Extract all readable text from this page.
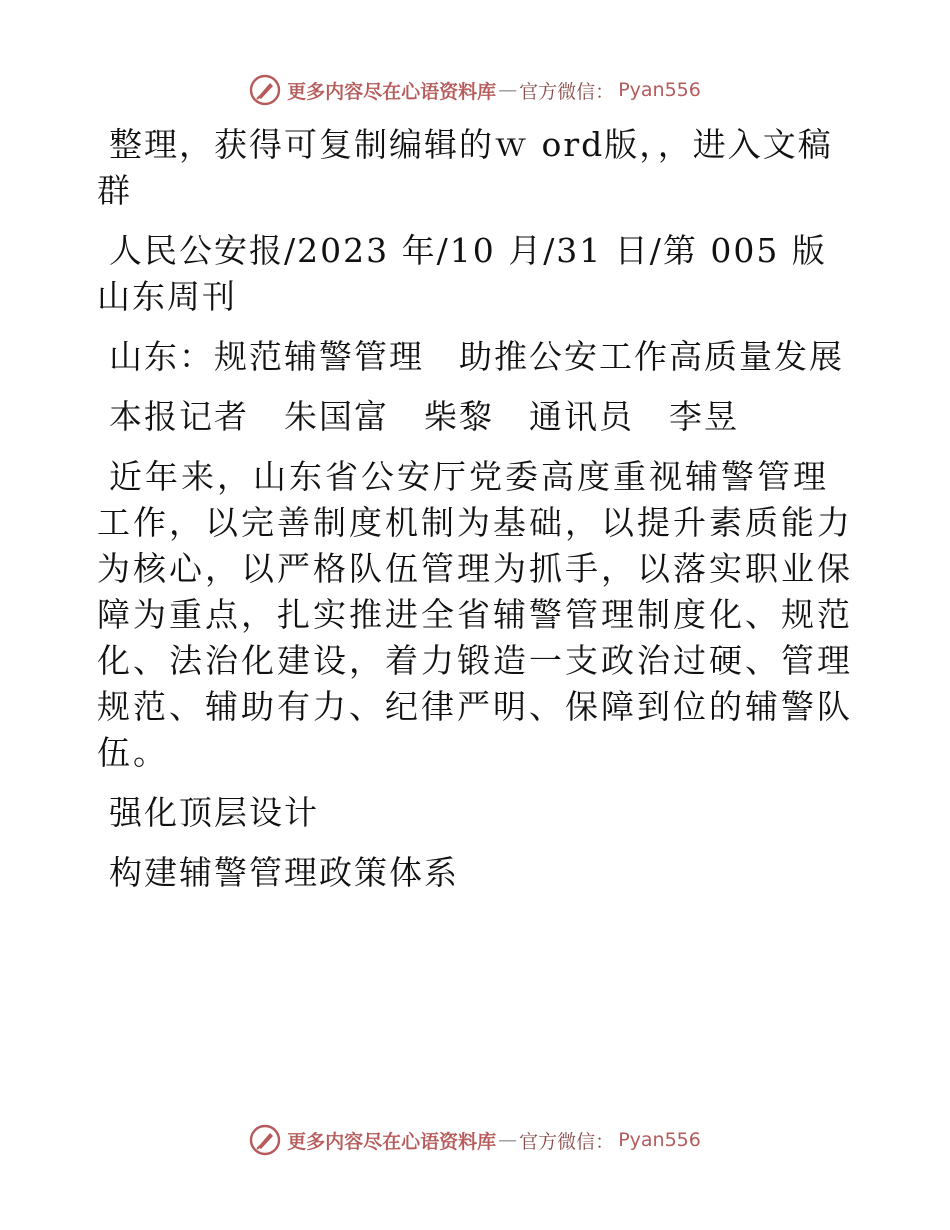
更多内容尽在心语资料库 — 官方微信： Pyan556

整理，获得可复制编辑的ｗ ord版，，进入文稿群

人民公安报/2023 年/10 月/31 日/第 005 版山东周刊

山东：规范辅警管理　助推公安工作高质量发展

本报记者　朱国富　柴黎　通讯员　李昱

近年来，山东省公安厅党委高度重视辅警管理工作，以完善制度机制为基础，以提升素质能力为核心，以严格队伍管理为抓手，以落实职业保障为重点，扎实推进全省辅警管理制度化、规范化、法治化建设，着力锻造一支政治过硬、管理规范、辅助有力、纪律严明、保障到位的辅警队伍。

强化顶层设计

构建辅警管理政策体系

更多内容尽在心语资料库 — 官方微信： Pyan556
